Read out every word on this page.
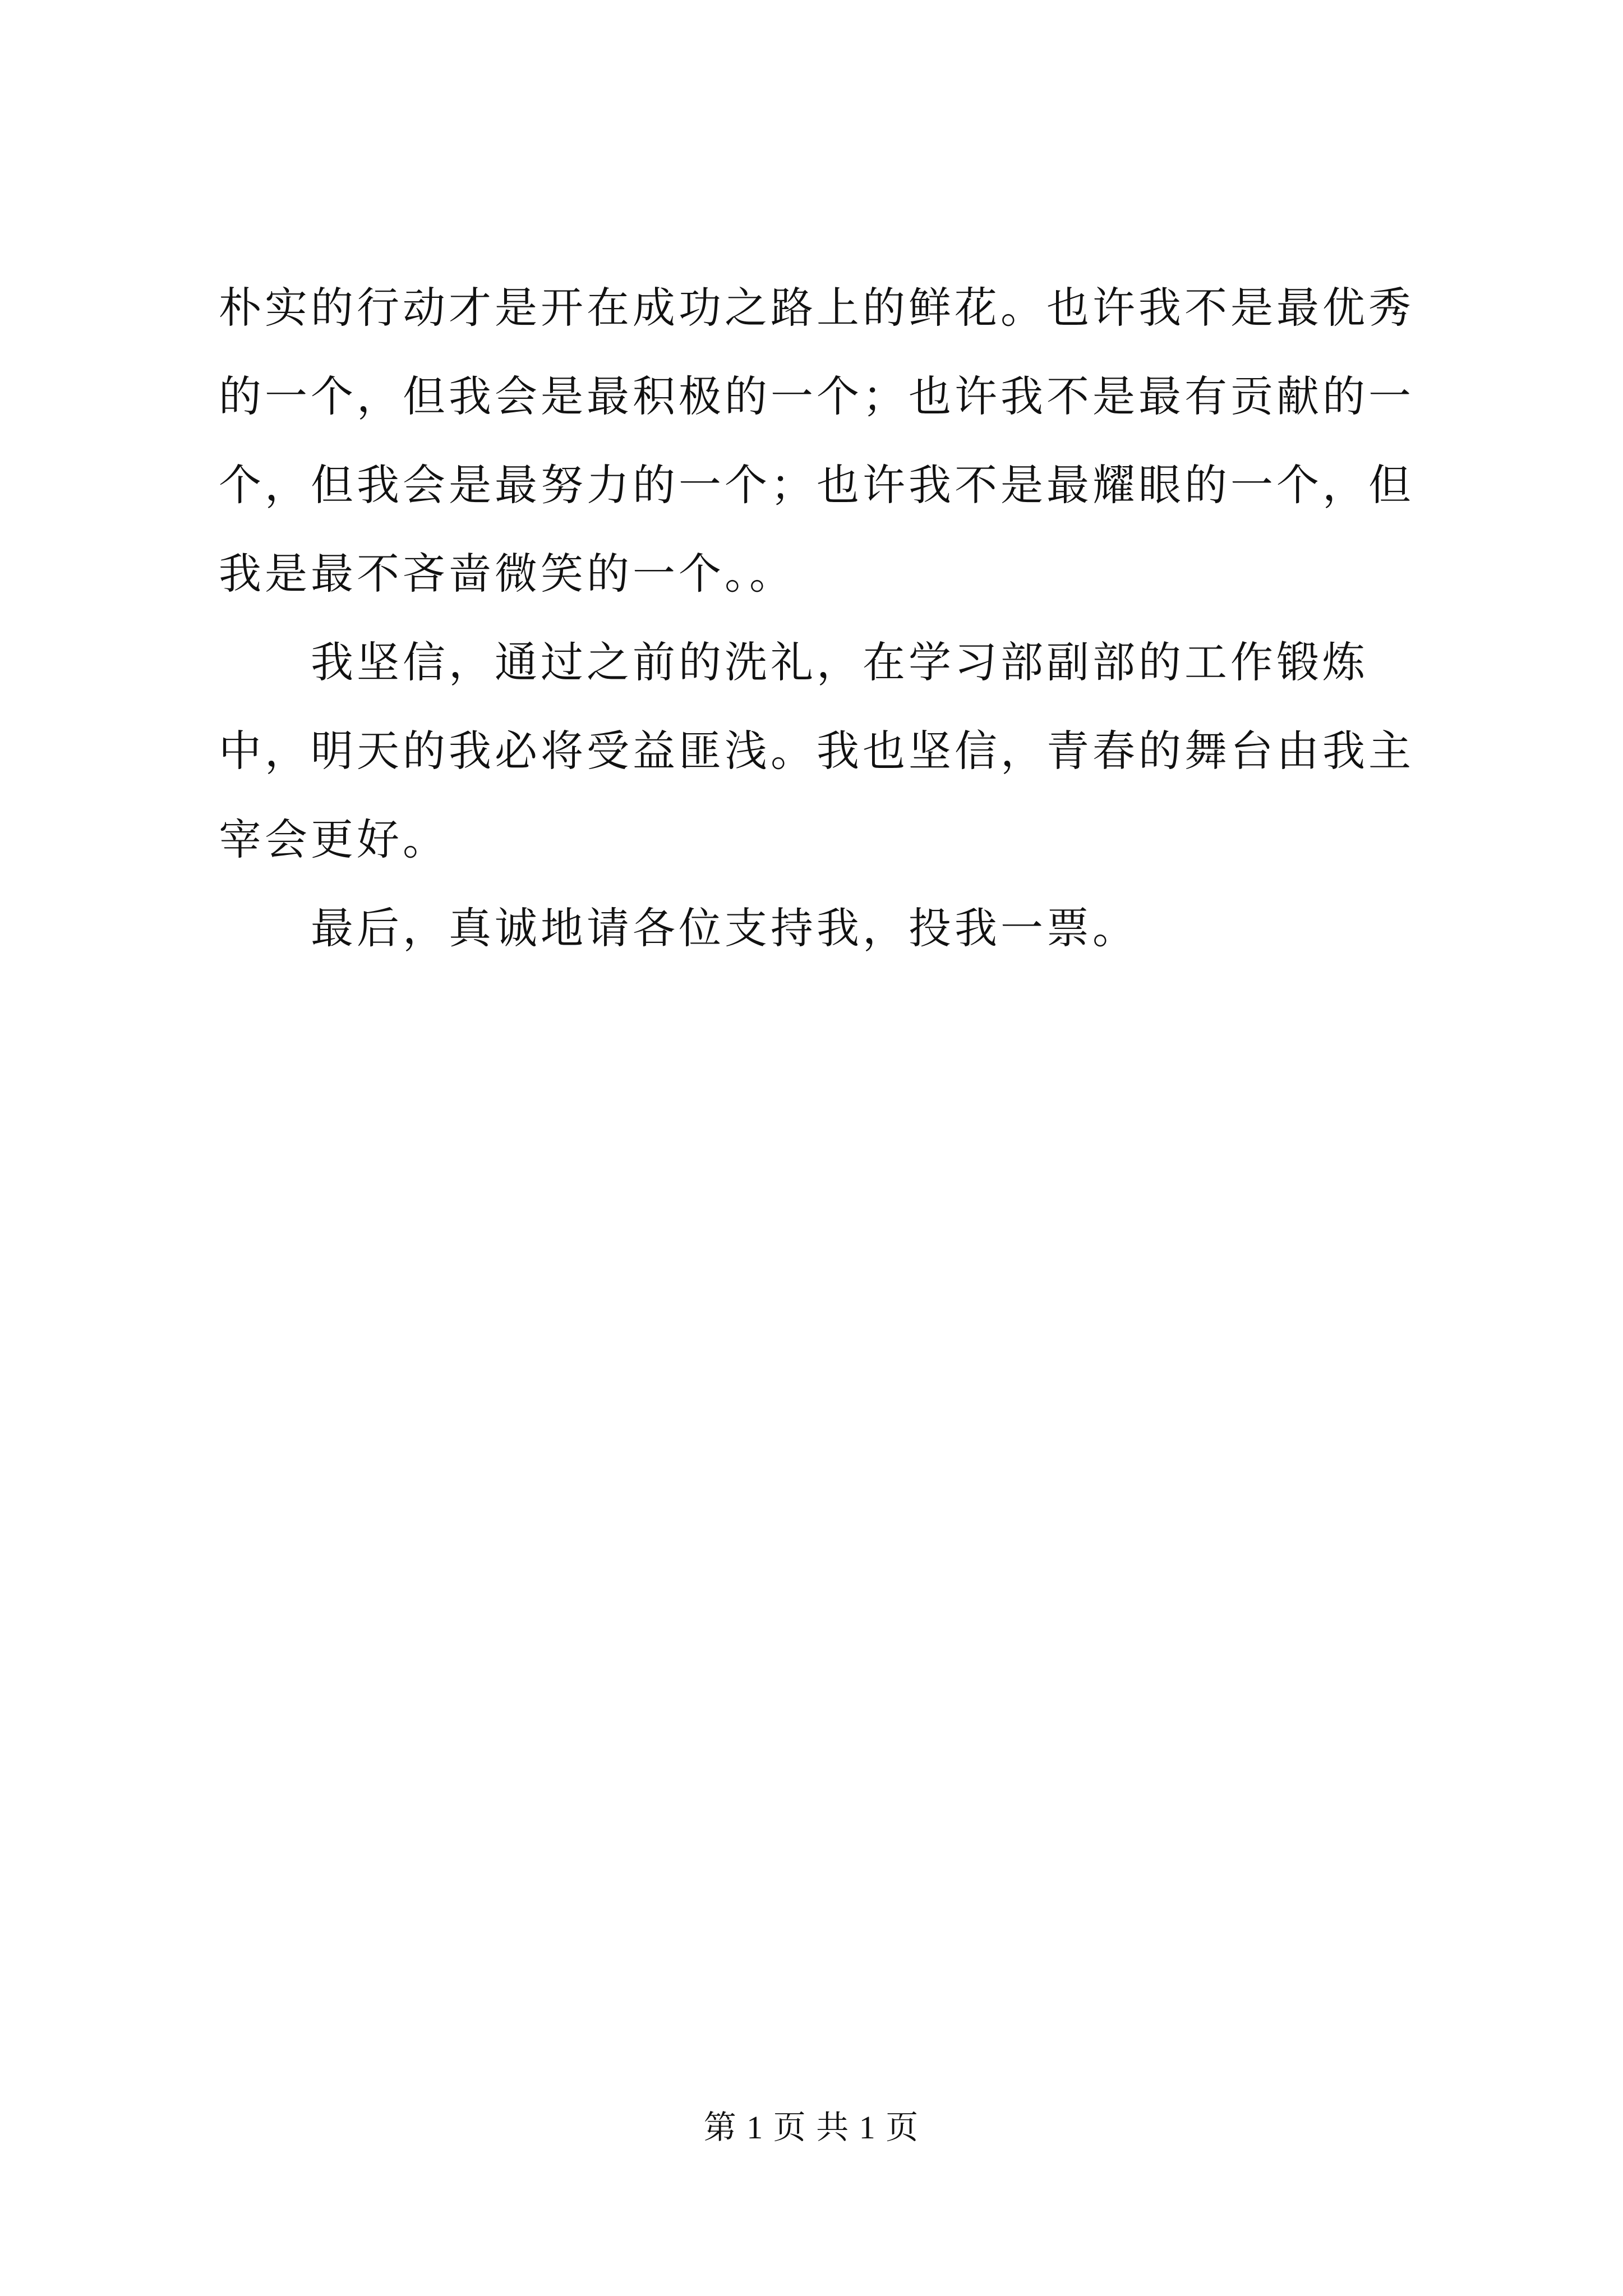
朴实的行动才是开在成功之路上的鲜花。也许我不是最优秀的一个，但我会是最积极的一个；也许我不是最有贡献的一个，但我会是最努力的一个；也许我不是最耀眼的一个，但我是最不吝啬微笑的一个。。

我坚信，通过之前的洗礼，在学习部副部的工作锻炼中，明天的我必将受益匪浅。我也坚信，青春的舞台由我主宰会更好。

最后，真诚地请各位支持我，投我一票。

第 1 页 共 1 页
